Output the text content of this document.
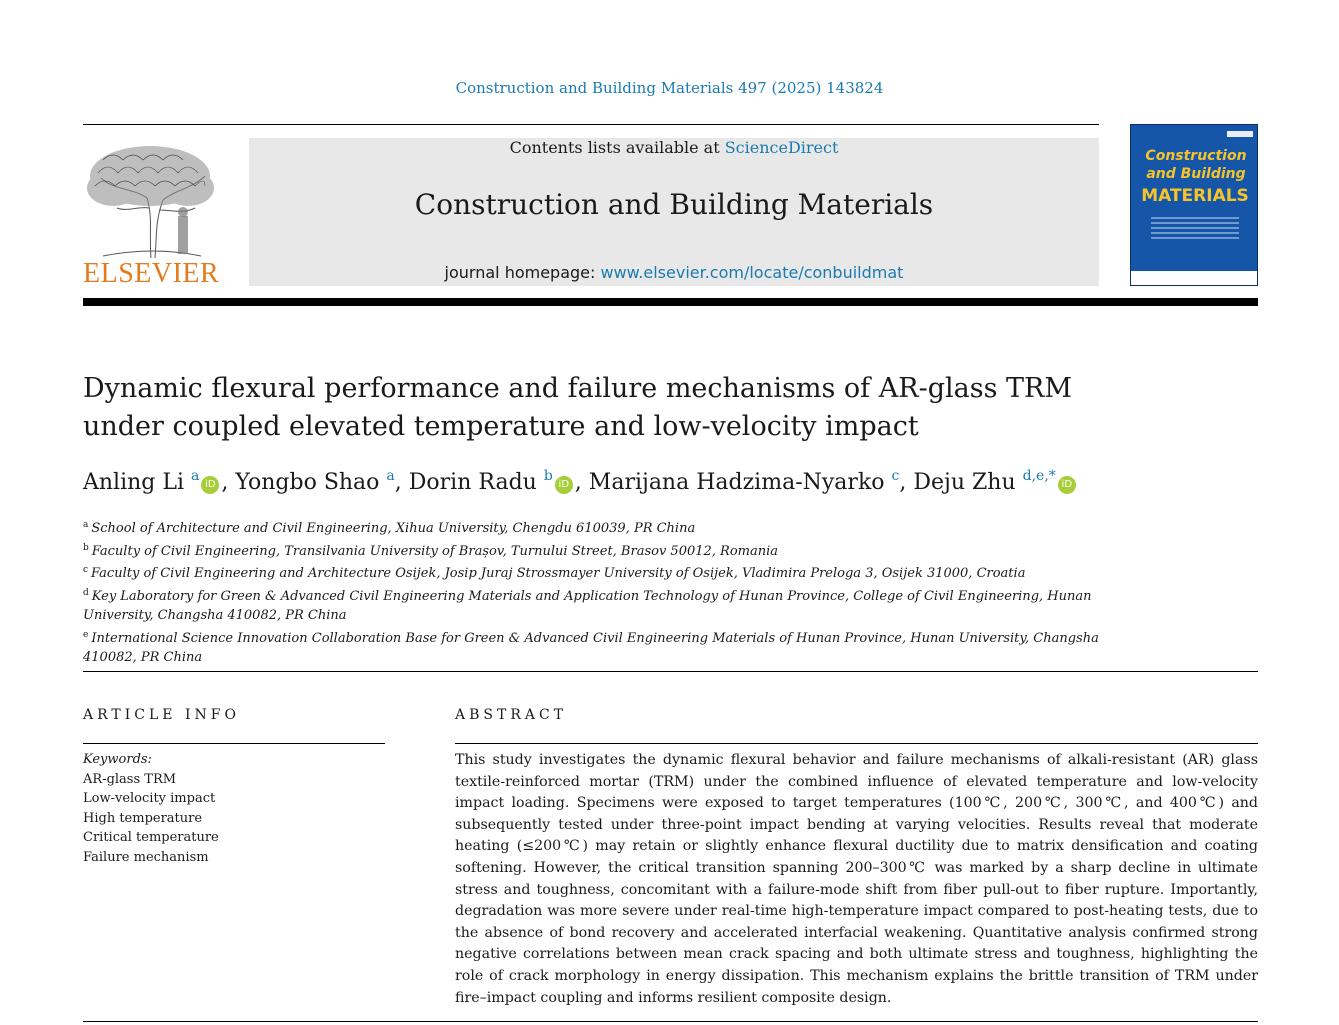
Construction and Building Materials 497 (2025) 143824
ELSEVIER
Contents lists available at ScienceDirect
Construction and Building Materials
journal homepage: www.elsevier.com/locate/conbuildmat
Construction and Building
MATERIALS
Dynamic flexural performance and failure mechanisms of AR-glass TRM under coupled elevated temperature and low-velocity impact
Anling Li $^a$iD , Yongbo Shao $^a$, Dorin Radu $^b$iD , Marijana Hadzima-Nyarko $^c$, Deju Zhu $^{d,e,*}$iD
$^a$ School of Architecture and Civil Engineering, Xihua University, Chengdu 610039, PR China
$^b$ Faculty of Civil Engineering, Transilvania University of Brașov, Turnului Street, Brasov 50012, Romania
$^c$ Faculty of Civil Engineering and Architecture Osijek, Josip Juraj Strossmayer University of Osijek, Vladimira Preloga 3, Osijek 31000, Croatia
$^d$ Key Laboratory for Green & Advanced Civil Engineering Materials and Application Technology of Hunan Province, College of Civil Engineering, Hunan University, Changsha 410082, PR China
$^e$ International Science Innovation Collaboration Base for Green & Advanced Civil Engineering Materials of Hunan Province, Hunan University, Changsha 410082, PR China
ARTICLE INFO	ABSTRACT
Keywords:
AR-glass TRM
Low-velocity impact
High temperature
Critical temperature
Failure mechanism
This study investigates the dynamic flexural behavior and failure mechanisms of alkali-resistant (AR) glass textile-reinforced mortar (TRM) under the combined influence of elevated temperature and low-velocity impact loading. Specimens were exposed to target temperatures (100℃, 200℃, 300℃, and 400℃) and subsequently tested under three-point impact bending at varying velocities. Results reveal that moderate heating (≤200℃) may retain or slightly enhance flexural ductility due to matrix densification and coating softening. However, the critical transition spanning 200–300℃ was marked by a sharp decline in ultimate stress and toughness, concomitant with a failure-mode shift from fiber pull-out to fiber rupture. Importantly, degradation was more severe under real-time high-temperature impact compared to post-heating tests, due to the absence of bond recovery and accelerated interfacial weakening. Quantitative analysis confirmed strong negative correlations between mean crack spacing and both ultimate stress and toughness, highlighting the role of crack morphology in energy dissipation. This mechanism explains the brittle transition of TRM under fire–impact coupling and informs resilient composite design.
